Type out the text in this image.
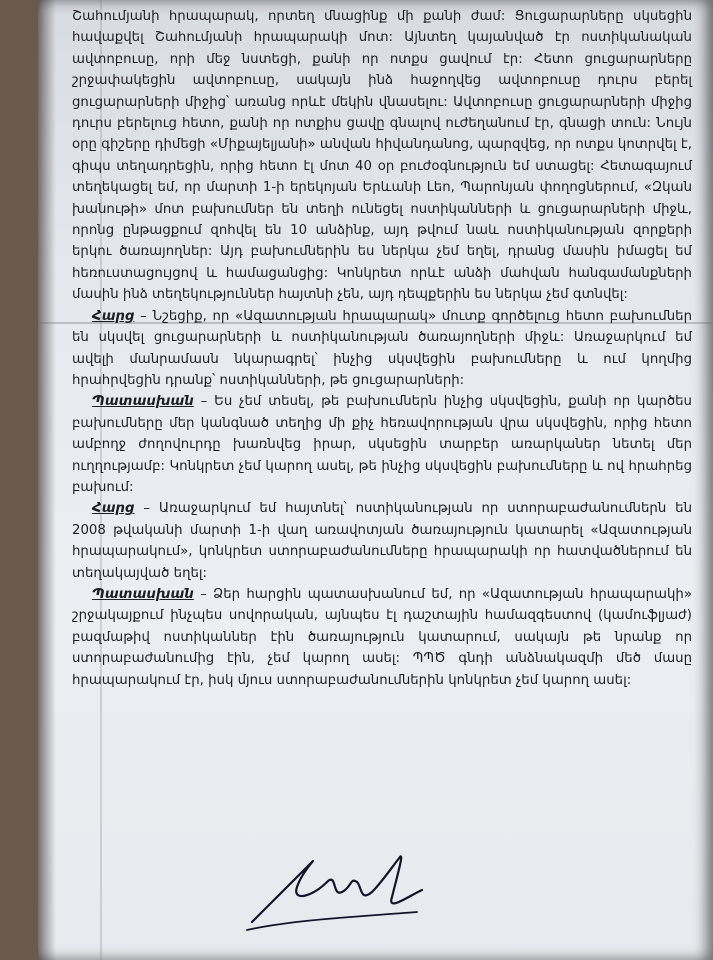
Շահումյանի հրապարակ, որտեղ մնացինք մի քանի ժամ: Ցուցարարները սկսեցին հավաքվել Շահումյանի հրապարակի մոտ: Այնտեղ կայանված էր ոստիկանական ավտոբուսը, որի մեջ նստեցի, քանի որ ոտքս ցավում էր: Հետո ցուցարարները շրջափակեցին ավտոբուսը, սակայն ինձ հաջողվեց ավտոբուսը դուրս բերել ցուցարարների միջից՝ առանց որևէ մեկին վնասելու: Ավտոբուսը ցուցարարների միջից դուրս բերելուց հետո, քանի որ ոտքիս ցավը գնալով ուժեղանում էր, գնացի տուն: Նույն օրը գիշերը դիմեցի «Միքայելյանի» անվան հիվանդանոց, պարզվեց, որ ոտքս կոտրվել է, գիպս տեղադրեցին, որից հետո էլ մոտ 40 օր բուժօգնություն եմ ստացել: Հետագայում տեղեկացել եմ, որ մարտի 1-ի երեկոյան Երևանի Լեո, Պարոնյան փողոցներում, «Զկան խանութի» մոտ բախումներ են տեղի ունեցել ոստիկանների և ցուցարարների միջև, որոնց ընթացքում զոհվել են 10 անձինք, այդ թվում նաև ոստիկանության զորքերի երկու ծառայողներ: Այդ բախումներին ես ներկա չեմ եղել, դրանց մասին իմացել եմ հեռուստացույցով և համացանցից: Կոնկրետ որևէ անձի մահվան հանգամանքների մասին ինձ տեղեկություններ հայտնի չեն, այդ դեպքերին ես ներկա չեմ գտնվել:

Հարց – Նշեցիք, որ «Ազատության հրապարակ» մուտք գործելուց հետո բախումներ են սկսվել ցուցարարների և ոստիկանության ծառայողների միջև: Առաջարկում եմ ավելի մանրամասն նկարագրել՝ ինչից սկսվեցին բախումները և ում կողմից հրահրվեցին դրանք՝ ոստիկանների, թե ցուցարարների:

Պատասխան – Ես չեմ տեսել, թե բախումներն ինչից սկսվեցին, քանի որ կարծես բախումները մեր կանգնած տեղից մի քիչ հեռավորության վրա սկսվեցին, որից հետո ամբողջ ժողովուրդը խառնվեց իրար, սկսեցին տարբեր առարկաներ նետել մեր ուղղությամբ: Կոնկրետ չեմ կարող ասել, թե ինչից սկսվեցին բախումները և ով հրահրեց բախում:

Հարց – Առաջարկում եմ հայտնել՝ ոստիկանության որ ստորաբաժանումներն են 2008 թվականի մարտի 1-ի վաղ առավոտյան ծառայություն կատարել «Ազատության հրապարակում», կոնկրետ ստորաբաժանումները հրապարակի որ հատվածներում են տեղակայված եղել:

Պատասխան – Ձեր հարցին պատասխանում եմ, որ «Ազատության հրապարակի» շրջակայքում ինչպես սովորական, այնպես էլ դաշտային համազգեստով (կամուֆլյաժ) բազմաթիվ ոստիկաններ էին ծառայություն կատարում, սակայն թե նրանք որ ստորաբաժանումից էին, չեմ կարող ասել: ՊՊԾ գնդի անձնակազմի մեծ մասը հրապարակում էր, իսկ մյուս ստորաբաժանումներին կոնկրետ չեմ կարող ասել:
